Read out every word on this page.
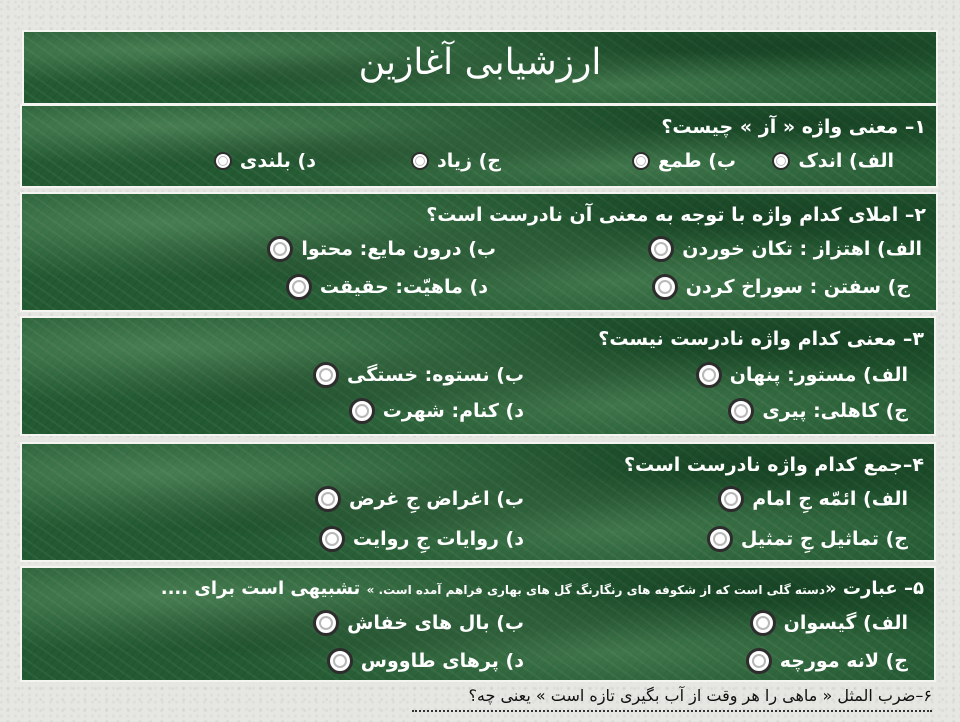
ارزشیابی آغازین
۱– معنی واژه « آز » چیست؟
الف) اندک
ب) طمع
ج) زیاد
د) بلندی
۲– املای کدام واژه با توجه به معنی آن نادرست است؟
الف) اهتزاز : تکان خوردن
ب) درون مایع: محتوا
ج) سفتن : سوراخ کردن
د) ماهیّت: حقیقت
۳– معنی کدام واژه نادرست نیست؟
الف) مستور: پنهان
ب) نستوه: خستگی
ج) کاهلی: پیری
د) کنام: شهرت
۴–جمع کدام واژه نادرست است؟
الف) ائمّه جِ امام
ب) اغراض جِ غرض
ج) تماثیل جِ تمثیل
د) روایات جِ روایت
۵– عبارت «دسته گلی است که از شکوفه های رنگارنگ گل های بهاری فراهم آمده است. » تشبیهی است برای ....
الف) گیسوان
ب) بال های خفاش
ج) لانه مورچه
د) پرهای طاووس
۶–ضرب المثل « ماهی را هر وقت از آب بگیری تازه است » یعنی چه؟
